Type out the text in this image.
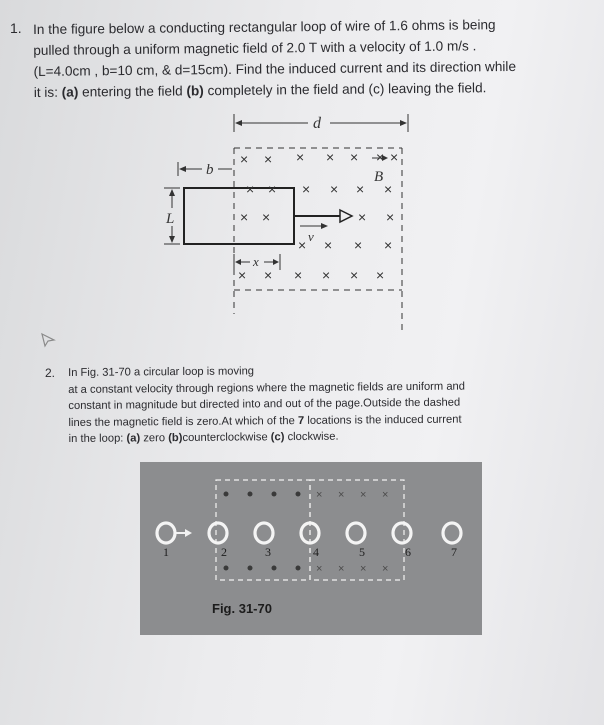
1. In the figure below a conducting rectangular loop of wire of 1.6 ohms is being
pulled through a uniform magnetic field of 2.0 T with a velocity of 1.0 m/s .
(L=4.0cm , b=10 cm, & d=15cm). Find the induced current and its direction while
it is: (a) entering the field (b) completely in the field and (c) leaving the field.
d
b
L
v
B
x
× × × × × × ×
× × × × × ×
× ×	× ×
× × × ×
× × × × × ×
2. In Fig. 31-70 a circular loop is moving
at a constant velocity through regions where the magnetic fields are uniform and
constant in magnitude but directed into and out of the page.Outside the dashed
lines the magnetic field is zero.At which of the 7 locations is the induced current
in the loop: (a) zero (b)counterclockwise (c) clockwise.
× × × ×
× × × ×
1	2	3	4	5	6	7
Fig. 31-70
